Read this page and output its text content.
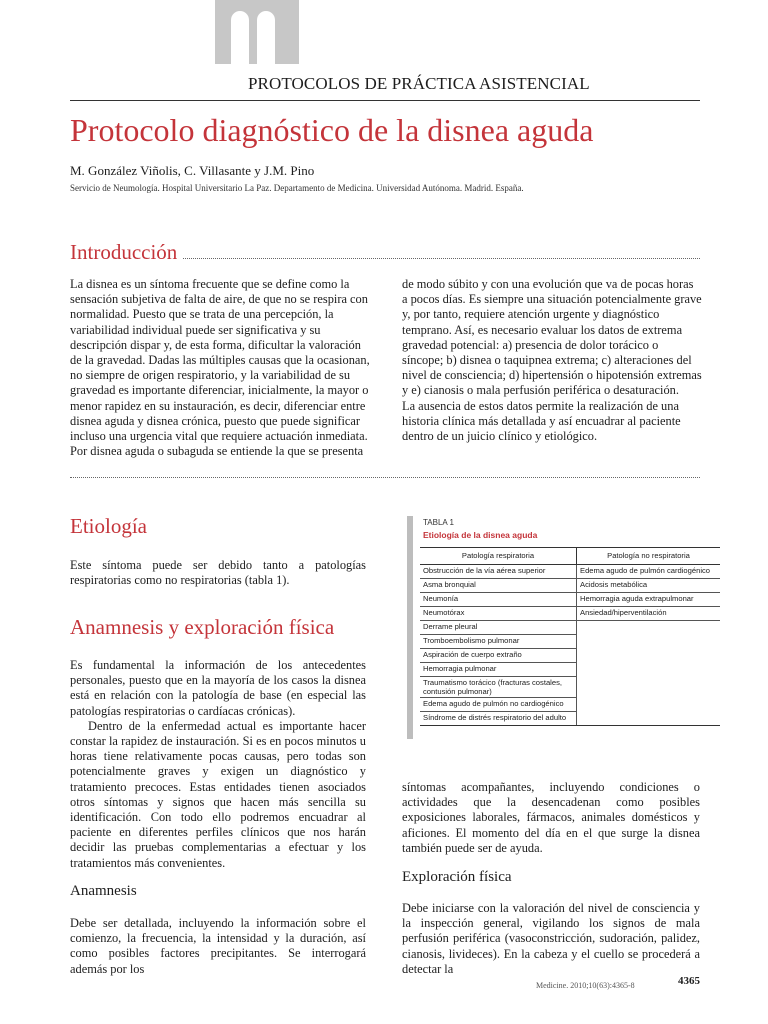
PROTOCOLOS DE PRÁCTICA ASISTENCIAL
Protocolo diagnóstico de la disnea aguda
M. González Viñolis, C. Villasante y J.M. Pino
Servicio de Neumología. Hospital Universitario La Paz. Departamento de Medicina. Universidad Autónoma. Madrid. España.
Introducción
La disnea es un síntoma frecuente que se define como la sensación subjetiva de falta de aire, de que no se respira con normalidad. Puesto que se trata de una percepción, la variabilidad individual puede ser significativa y su descripción dispar y, de esta forma, dificultar la valoración de la gravedad. Dadas las múltiples causas que la ocasionan, no siempre de origen respiratorio, y la variabilidad de su gravedad es importante diferenciar, inicialmente, la mayor o menor rapidez en su instauración, es decir, diferenciar entre disnea aguda y disnea crónica, puesto que puede significar incluso una urgencia vital que requiere actuación inmediata. Por disnea aguda o subaguda se entiende la que se presenta
de modo súbito y con una evolución que va de pocas horas a pocos días. Es siempre una situación potencialmente grave y, por tanto, requiere atención urgente y diagnóstico temprano. Así, es necesario evaluar los datos de extrema gravedad potencial: a) presencia de dolor torácico o síncope; b) disnea o taquipnea extrema; c) alteraciones del nivel de consciencia; d) hipertensión o hipotensión extremas y e) cianosis o mala perfusión periférica o desaturación.
La ausencia de estos datos permite la realización de una historia clínica más detallada y así encuadrar al paciente dentro de un juicio clínico y etiológico.
Etiología
Este síntoma puede ser debido tanto a patologías respiratorias como no respiratorias (tabla 1).
Anamnesis y exploración física
Es fundamental la información de los antecedentes personales, puesto que en la mayoría de los casos la disnea está en relación con la patología de base (en especial las patologías respiratorias o cardíacas crónicas).
Dentro de la enfermedad actual es importante hacer constar la rapidez de instauración. Si es en pocos minutos u horas tiene relativamente pocas causas, pero todas son potencialmente graves y exigen un diagnóstico y tratamiento precoces. Estas entidades tienen asociados otros síntomas y signos que hacen más sencilla su identificación. Con todo ello podremos encuadrar al paciente en diferentes perfiles clínicos que nos harán decidir las pruebas complementarias a efectuar y los tratamientos más convenientes.
Anamnesis
Debe ser detallada, incluyendo la información sobre el comienzo, la frecuencia, la intensidad y la duración, así como posibles factores precipitantes. Se interrogará además por los
síntomas acompañantes, incluyendo condiciones o actividades que la desencadenan como posibles exposiciones laborales, fármacos, animales domésticos y aficiones. El momento del día en el que surge la disnea también puede ser de ayuda.
Exploración física
Debe iniciarse con la valoración del nivel de consciencia y la inspección general, vigilando los signos de mala perfusión periférica (vasoconstricción, sudoración, palidez, cianosis, livideces). En la cabeza y el cuello se procederá a detectar la
TABLA 1
Etiología de la disnea aguda
Patología respiratoria	Patología no respiratoria
Obstrucción de la vía aérea superior	Edema agudo de pulmón cardiogénico
Asma bronquial	Acidosis metabólica
Neumonía	Hemorragia aguda extrapulmonar
Neumotórax	Ansiedad/hiperventilación
Derrame pleural	
Tromboembolismo pulmonar	
Aspiración de cuerpo extraño	
Hemorragia pulmonar	
Traumatismo torácico (fracturas costales, contusión pulmonar)	
Edema agudo de pulmón no cardiogénico	
Síndrome de distrés respiratorio del adulto	
Medicine. 2010;10(63):4365-8	4365
